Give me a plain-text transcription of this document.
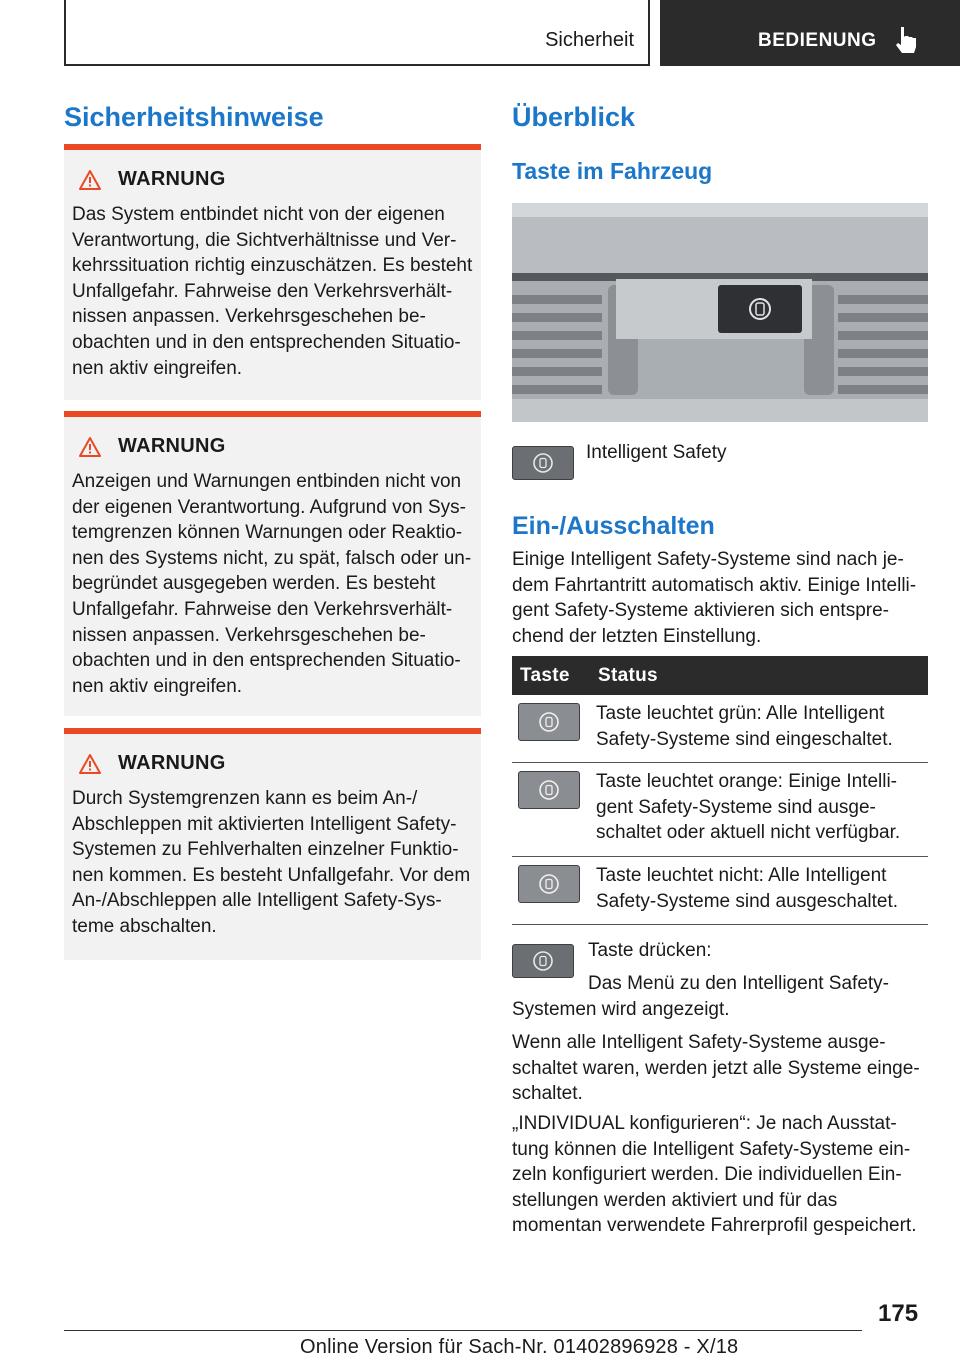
Sicherheit	BEDIENUNG
Sicherheitshinweise
WARNUNG
Das System entbindet nicht von der eigenen
Verantwortung, die Sichtverhältnisse und Ver-
kehrssituation richtig einzuschätzen. Es besteht
Unfallgefahr. Fahrweise den Verkehrsverhält-
nissen anpassen. Verkehrsgeschehen be-
obachten und in den entsprechenden Situatio-
nen aktiv eingreifen.
WARNUNG
Anzeigen und Warnungen entbinden nicht von
der eigenen Verantwortung. Aufgrund von Sys-
temgrenzen können Warnungen oder Reaktio-
nen des Systems nicht, zu spät, falsch oder un-
begründet ausgegeben werden. Es besteht
Unfallgefahr. Fahrweise den Verkehrsverhält-
nissen anpassen. Verkehrsgeschehen be-
obachten und in den entsprechenden Situatio-
nen aktiv eingreifen.
WARNUNG
Durch Systemgrenzen kann es beim An-/
Abschleppen mit aktivierten Intelligent Safety-
Systemen zu Fehlverhalten einzelner Funktio-
nen kommen. Es besteht Unfallgefahr. Vor dem
An-/Abschleppen alle Intelligent Safety-Sys-
teme abschalten.
Überblick
Taste im Fahrzeug
Intelligent Safety
Ein-/Ausschalten
Einige Intelligent Safety-Systeme sind nach je-
dem Fahrtantritt automatisch aktiv. Einige Intelli-
gent Safety-Systeme aktivieren sich entspre-
chend der letzten Einstellung.
Taste	Status

Taste leuchtet grün: Alle Intelligent
Safety-Systeme sind eingeschaltet.

Taste leuchtet orange: Einige Intelli-
gent Safety-Systeme sind ausge-
schaltet oder aktuell nicht verfügbar.

Taste leuchtet nicht: Alle Intelligent
Safety-Systeme sind ausgeschaltet.
Taste drücken:
Das Menü zu den Intelligent Safety-
Systemen wird angezeigt.
Wenn alle Intelligent Safety-Systeme ausge-
schaltet waren, werden jetzt alle Systeme einge-
schaltet.
„INDIVIDUAL konfigurieren“: Je nach Ausstat-
tung können die Intelligent Safety-Systeme ein-
zeln konfiguriert werden. Die individuellen Ein-
stellungen werden aktiviert und für das
momentan verwendete Fahrerprofil gespeichert.
175
Online Version für Sach-Nr. 01402896928 - X/18
